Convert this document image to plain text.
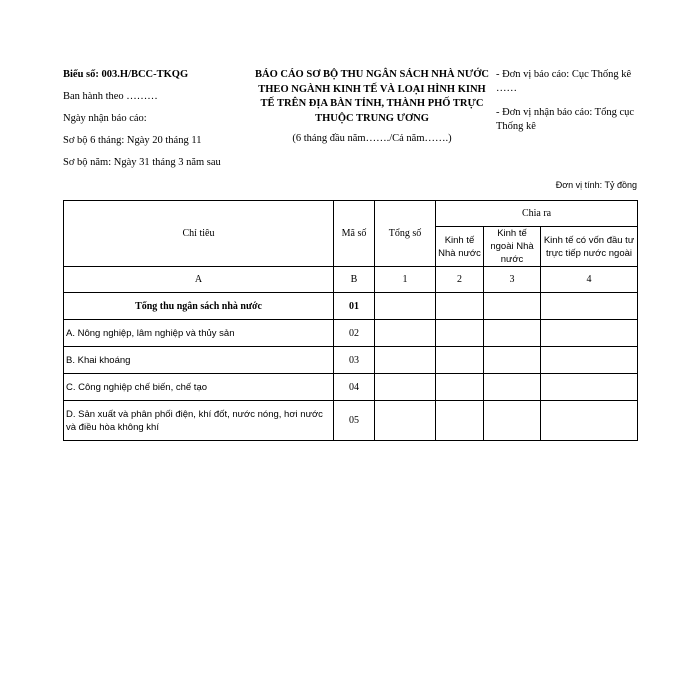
Biểu số: 003.H/BCC-TKQG
Ban hành theo ………
Ngày nhận báo cáo:
Sơ bộ 6 tháng: Ngày 20 tháng 11
Sơ bộ năm: Ngày 31 tháng 3 năm sau
BÁO CÁO SƠ BỘ THU NGÂN SÁCH NHÀ NƯỚC
THEO NGÀNH KINH TẾ VÀ LOẠI HÌNH KINH
TẾ TRÊN ĐỊA BÀN TỈNH, THÀNH PHỐ TRỰC
THUỘC TRUNG ƯƠNG
(6 tháng đầu năm……./Cả năm…….)
- Đơn vị báo cáo: Cục Thống kê
……
- Đơn vị nhận báo cáo: Tổng cục
Thống kê
Đơn vị tính: Tỷ đồng
Chỉ tiêu	Mã số	Tổng số	Chia ra		
			Kinh tế Nhà nước	Kinh tế ngoài Nhà nước	Kinh tế có vốn đầu tư trực tiếp nước ngoài
A	B	1	2	3	4
Tổng thu ngân sách nhà nước	01				
A. Nông nghiệp, lâm nghiệp và thủy sản	02				
B. Khai khoáng	03				
C. Công nghiệp chế biến, chế tạo	04				
D. Sản xuất và phân phối điện, khí đốt, nước nóng, hơi nước và điều hòa không khí	05				
